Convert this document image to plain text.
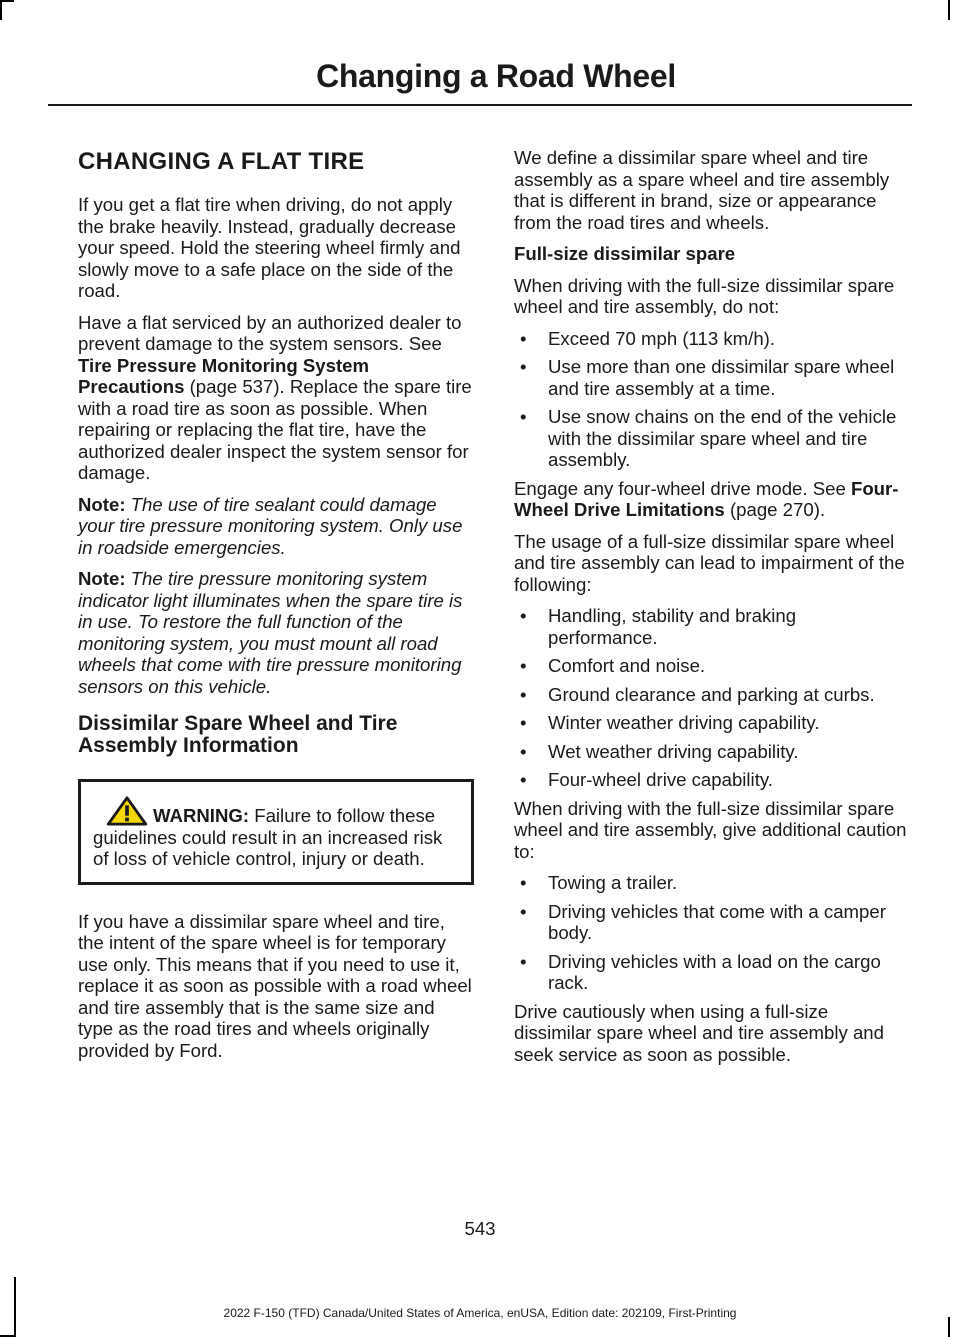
Changing a Road Wheel
CHANGING A FLAT TIRE

If you get a flat tire when driving, do not apply the brake heavily. Instead, gradually decrease your speed. Hold the steering wheel firmly and slowly move to a safe place on the side of the road.

Have a flat serviced by an authorized dealer to prevent damage to the system sensors. See Tire Pressure Monitoring System Precautions (page 537). Replace the spare tire with a road tire as soon as possible. When repairing or replacing the flat tire, have the authorized dealer inspect the system sensor for damage.

Note: The use of tire sealant could damage your tire pressure monitoring system. Only use in roadside emergencies.

Note: The tire pressure monitoring system indicator light illuminates when the spare tire is in use. To restore the full function of the monitoring system, you must mount all road wheels that come with tire pressure monitoring sensors on this vehicle.

Dissimilar Spare Wheel and Tire Assembly Information
WARNING: Failure to follow these guidelines could result in an increased risk of loss of vehicle control, injury or death.

If you have a dissimilar spare wheel and tire, the intent of the spare wheel is for temporary use only. This means that if you need to use it, replace it as soon as possible with a road wheel and tire assembly that is the same size and type as the road tires and wheels originally provided by Ford.

We define a dissimilar spare wheel and tire assembly as a spare wheel and tire assembly that is different in brand, size or appearance from the road tires and wheels.

Full-size dissimilar spare

When driving with the full-size dissimilar spare wheel and tire assembly, do not:

• Exceed 70 mph (113 km/h).
• Use more than one dissimilar spare wheel and tire assembly at a time.
• Use snow chains on the end of the vehicle with the dissimilar spare wheel and tire assembly.

Engage any four-wheel drive mode. See Four-Wheel Drive Limitations (page 270).

The usage of a full-size dissimilar spare wheel and tire assembly can lead to impairment of the following:

• Handling, stability and braking performance.
• Comfort and noise.
• Ground clearance and parking at curbs.
• Winter weather driving capability.
• Wet weather driving capability.
• Four-wheel drive capability.

When driving with the full-size dissimilar spare wheel and tire assembly, give additional caution to:

• Towing a trailer.
• Driving vehicles that come with a camper body.
• Driving vehicles with a load on the cargo rack.

Drive cautiously when using a full-size dissimilar spare wheel and tire assembly and seek service as soon as possible.

543
2022 F-150 (TFD) Canada/United States of America, enUSA, Edition date: 202109, First-Printing
